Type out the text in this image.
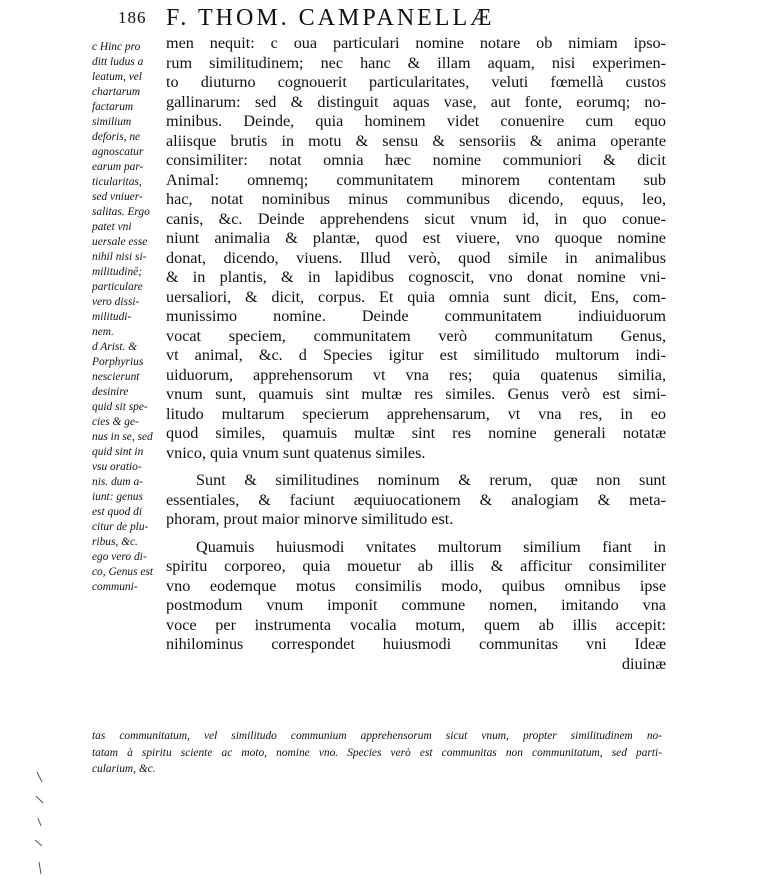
186 F. THOM. CAMPANELLÆ
c Hinc pro
ditt ludus a
leatum, vel
chartarum
factarum
similium
deforis, ne
agnoscatur
earum par-
ticularitas,
sed vniuer-
salitas. Ergo
patet vni
uersale esse
nihil nisi si-
militudinē;
particulare
vero dissi-
militudi-
nem.
d Arist. &
Porphyrius
nescierunt
desinire
quid sit spe-
cies & ge-
nus in se, sed
quid sint in
vsu oratio-
nis. dum a-
iunt: genus
est quod di
citur de plu-
ribus, &c.
ego vero di-
co, Genus est
communi-
men nequit: c oua particulari nomine notare ob nimiam ipso-
rum similitudinem; nec hanc & illam aquam, nisi experimen-
to diuturno cognouerit particularitates, veluti fœmellà custos
gallinarum: sed & distinguit aquas vase, aut fonte, eorumq; no-
minibus. Deinde, quia hominem videt conuenire cum equo
aliisque brutis in motu & sensu & sensoriis & anima operante
consimiliter: notat omnia hæc nomine communiori & dicit
Animal: omnemq; communitatem minorem contentam sub
hac, notat nominibus minus communibus dicendo, equus, leo,
canis, &c. Deinde apprehendens sicut vnum id, in quo conue-
niunt animalia & plantæ, quod est viuere, vno quoque nomine
donat, dicendo, viuens. Illud verò, quod simile in animalibus
& in plantis, & in lapidibus cognoscit, vno donat nomine vni-
uersaliori, & dicit, corpus. Et quia omnia sunt dicit, Ens, com-
munissimo nomine. Deinde communitatem indiuiduorum
vocat speciem, communitatem verò communitatum Genus,
vt animal, &c. d Species igitur est similitudo multorum indi-
uiduorum, apprehensorum vt vna res; quia quatenus similia,
vnum sunt, quamuis sint multæ res similes. Genus verò est simi-
litudo multarum specierum apprehensarum, vt vna res, in eo
quod similes, quamuis multæ sint res nomine generali notatæ
vnico, quia vnum sunt quatenus similes.
Sunt & similitudines nominum & rerum, quæ non sunt
essentiales, & faciunt æquiuocationem & analogiam & meta-
phoram, prout maior minorve similitudo est.
Quamuis huiusmodi vnitates multorum similium fiant in
spiritu corporeo, quia mouetur ab illis & afficitur consimiliter
vno eodemque motus consimilis modo, quibus omnibus ipse
postmodum vnum imponit commune nomen, imitando vna
voce per instrumenta vocalia motum, quem ab illis accepit:
nihilominus correspondet huiusmodi communitas vni Ideæ
diuinæ
tas communitatum, vel similitudo communium apprehensorum sicut vnum, propter similitudinem no-
tatam à spiritu sciente ac moto, nomine vno. Species verò est communitas non communitatum, sed parti-
cularium, &c.
